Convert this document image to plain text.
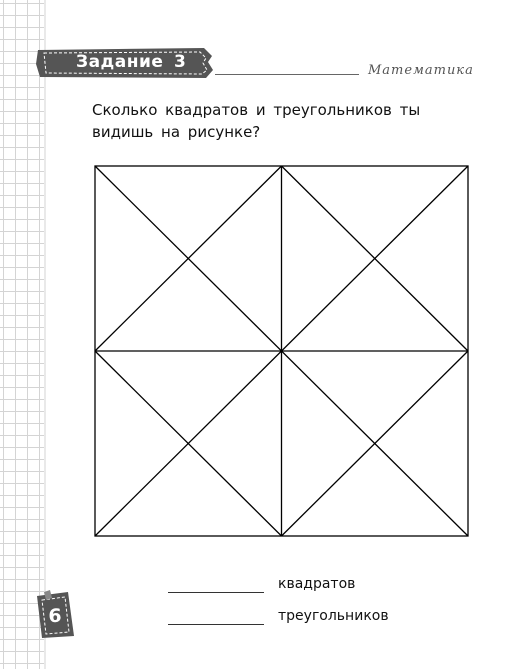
Задание 3	Математика
Сколько квадратов и треугольников ты видишь на рисунке?
квадратов
треугольников
6
